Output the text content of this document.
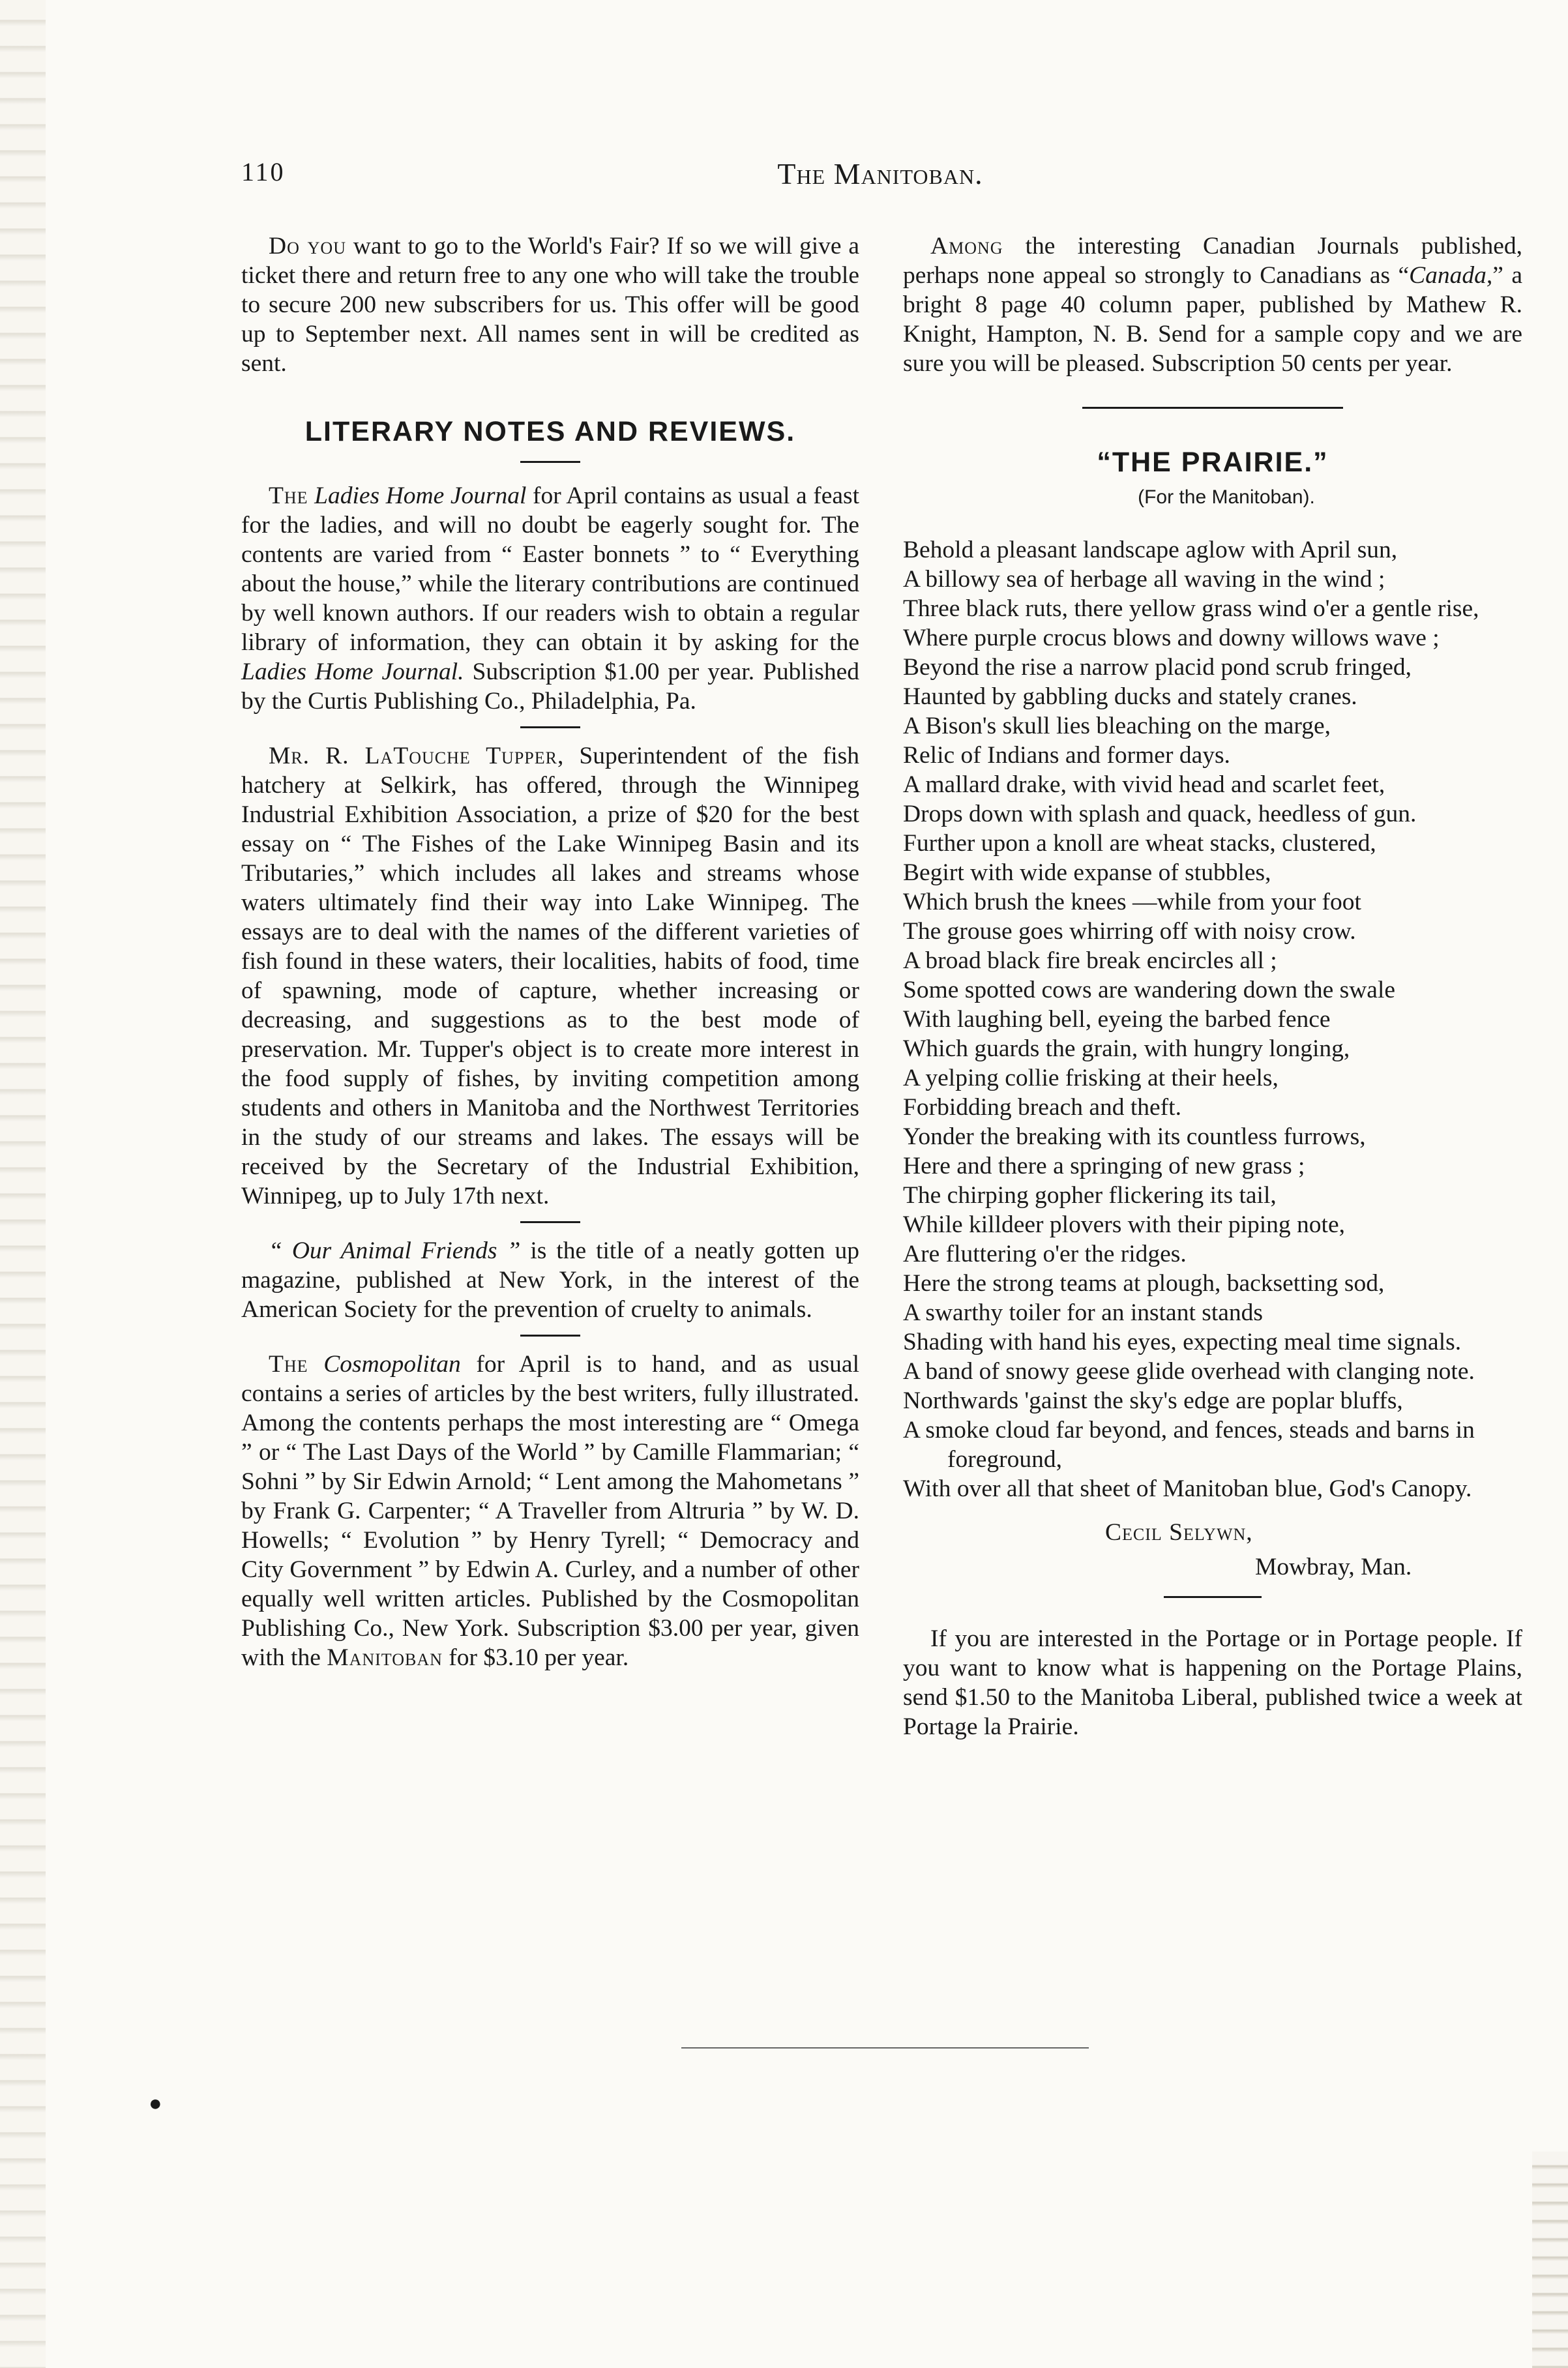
110	The Manitoban.

Do you want to go to the World's Fair? If so we will give a ticket there and return free to any one who will take the trouble to secure 200 new subscribers for us. This offer will be good up to September next. All names sent in will be credited as sent.

LITERARY NOTES AND REVIEWS.

The Ladies Home Journal for April contains as usual a feast for the ladies, and will no doubt be eagerly sought for. The contents are varied from “ Easter bonnets ” to “ Everything about the house,” while the literary contributions are continued by well known authors. If our readers wish to obtain a regular library of information, they can obtain it by asking for the Ladies Home Journal. Subscription $1.00 per year. Published by the Curtis Publishing Co., Philadelphia, Pa.

Mr. R. LaTouche Tupper, Superintendent of the fish hatchery at Selkirk, has offered, through the Winnipeg Industrial Exhibition Association, a prize of $20 for the best essay on “ The Fishes of the Lake Winnipeg Basin and its Tributaries,” which includes all lakes and streams whose waters ultimately find their way into Lake Winnipeg. The essays are to deal with the names of the different varieties of fish found in these waters, their localities, habits of food, time of spawning, mode of capture, whether increasing or decreasing, and suggestions as to the best mode of preservation. Mr. Tupper's object is to create more interest in the food supply of fishes, by inviting competition among students and others in Manitoba and the Northwest Territories in the study of our streams and lakes. The essays will be received by the Secretary of the Industrial Exhibition, Winnipeg, up to July 17th next.

“ Our Animal Friends ” is the title of a neatly gotten up magazine, published at New York, in the interest of the American Society for the prevention of cruelty to animals.

The Cosmopolitan for April is to hand, and as usual contains a series of articles by the best writers, fully illustrated. Among the contents perhaps the most interesting are “ Omega ” or “ The Last Days of the World ” by Camille Flammarian; “ Sohni ” by Sir Edwin Arnold; “ Lent among the Mahometans ” by Frank G. Carpenter; “ A Traveller from Altruria ” by W. D. Howells; “ Evolution ” by Henry Tyrell; “ Democracy and City Government ” by Edwin A. Curley, and a number of other equally well written articles. Published by the Cosmopolitan Publishing Co., New York. Subscription $3.00 per year, given with the Manitoban for $3.10 per year.

Among the interesting Canadian Journals published, perhaps none appeal so strongly to Canadians as “Canada,” a bright 8 page 40 column paper, published by Mathew R. Knight, Hampton, N. B. Send for a sample copy and we are sure you will be pleased. Subscription 50 cents per year.

“THE PRAIRIE.”

(For the Manitoban).

Behold a pleasant landscape aglow with April sun,
A billowy sea of herbage all waving in the wind ;
Three black ruts, there yellow grass wind o'er a gentle rise,
Where purple crocus blows and downy willows wave ;
Beyond the rise a narrow placid pond scrub fringed,
Haunted by gabbling ducks and stately cranes.
A Bison's skull lies bleaching on the marge,
Relic of Indians and former days.
A mallard drake, with vivid head and scarlet feet,
Drops down with splash and quack, heedless of gun.
Further upon a knoll are wheat stacks, clustered,
Begirt with wide expanse of stubbles,
Which brush the knees —while from your foot
The grouse goes whirring off with noisy crow.
A broad black fire break encircles all ;
Some spotted cows are wandering down the swale
With laughing bell, eyeing the barbed fence
Which guards the grain, with hungry longing,
A yelping collie frisking at their heels,
Forbidding breach and theft.
Yonder the breaking with its countless furrows,
Here and there a springing of new grass ;
The chirping gopher flickering its tail,
While killdeer plovers with their piping note,
Are fluttering o'er the ridges.
Here the strong teams at plough, backsetting sod,
A swarthy toiler for an instant stands
Shading with hand his eyes, expecting meal time signals.
A band of snowy geese glide overhead with clanging note.
Northwards 'gainst the sky's edge are poplar bluffs,
A smoke cloud far beyond, and fences, steads and barns in foreground,
With over all that sheet of Manitoban blue, God's Canopy.
Cecil Selywn,
Mowbray, Man.

If you are interested in the Portage or in Portage people. If you want to know what is happening on the Portage Plains, send $1.50 to the Manitoba Liberal, published twice a week at Portage la Prairie.

●
